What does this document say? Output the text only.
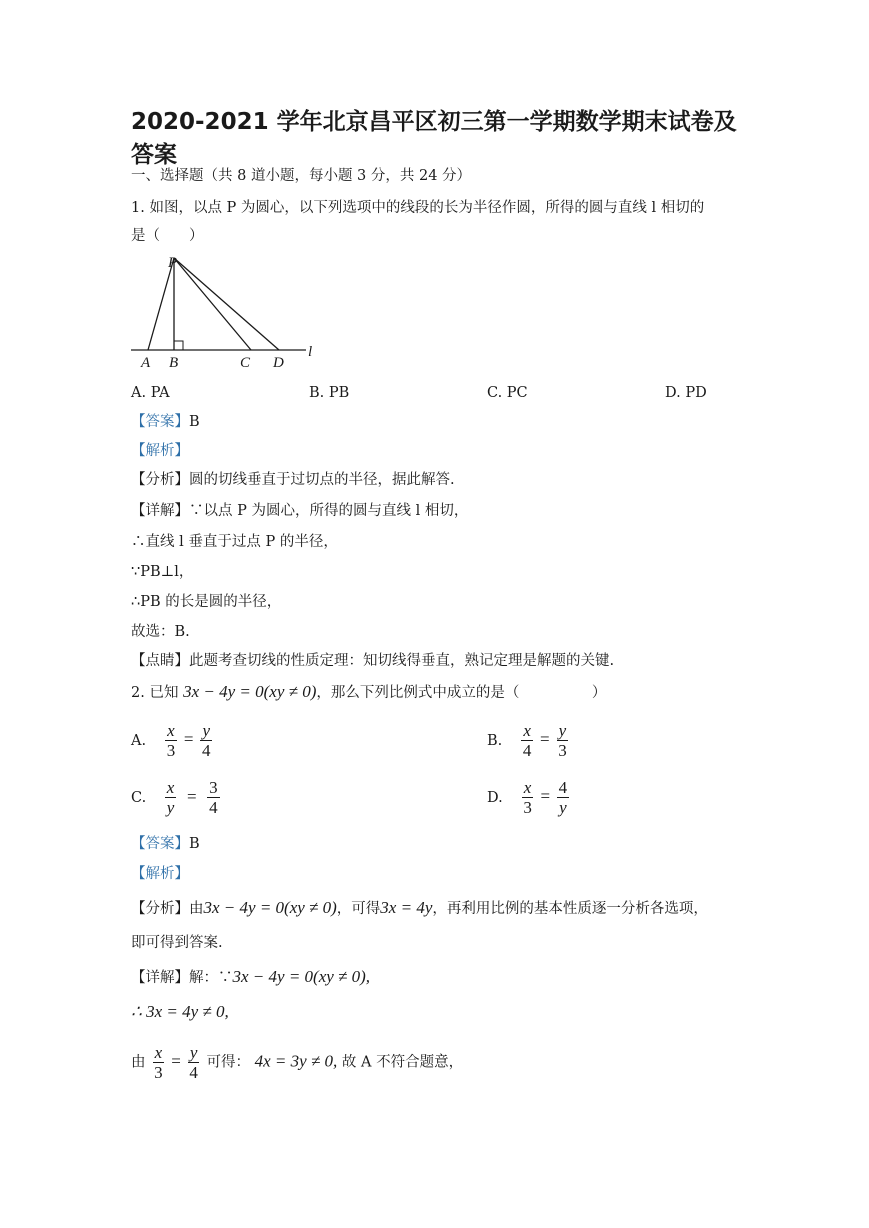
2020-2021 学年北京昌平区初三第一学期数学期末试卷及答案
一、选择题（共 8 道小题，每小题 3 分，共 24 分）
1. 如图，以点 P 为圆心，以下列选项中的线段的长为半径作圆，所得的圆与直线 l 相切的
是（　　）
P
A B	C D
l
A. PA	B. PB	C. PC	D. PD
【答案】B
【解析】
【分析】圆的切线垂直于过切点的半径，据此解答.
【详解】∵以点 P 为圆心，所得的圆与直线 l 相切，
∴直线 l 垂直于过点 P 的半径，
∵PB⊥l，
∴PB 的长是圆的半径，
故选：B.
【点睛】此题考查切线的性质定理：知切线得垂直，熟记定理是解题的关键.
2. 已知 3x − 4y = 0(xy ≠ 0)，那么下列比例式中成立的是（　　　　　）
A. $\frac{x}{3} = \frac{y}{4}$	B. $\frac{x}{4} = \frac{y}{3}$
C. $\frac{x}{y} = \frac{3}{4}$	D. $\frac{x}{3} = \frac{4}{y}$
【答案】B
【解析】
【分析】由3x − 4y = 0(xy ≠ 0)，可得3x = 4y，再利用比例的基本性质逐一分析各选项，
即可得到答案.
【详解】解：∵3x − 4y = 0(xy ≠ 0),
∴ 3x = 4y ≠ 0,
由 $\frac{x}{3} = \frac{y}{4}$ 可得： 4x = 3y ≠ 0, 故 A 不符合题意，
